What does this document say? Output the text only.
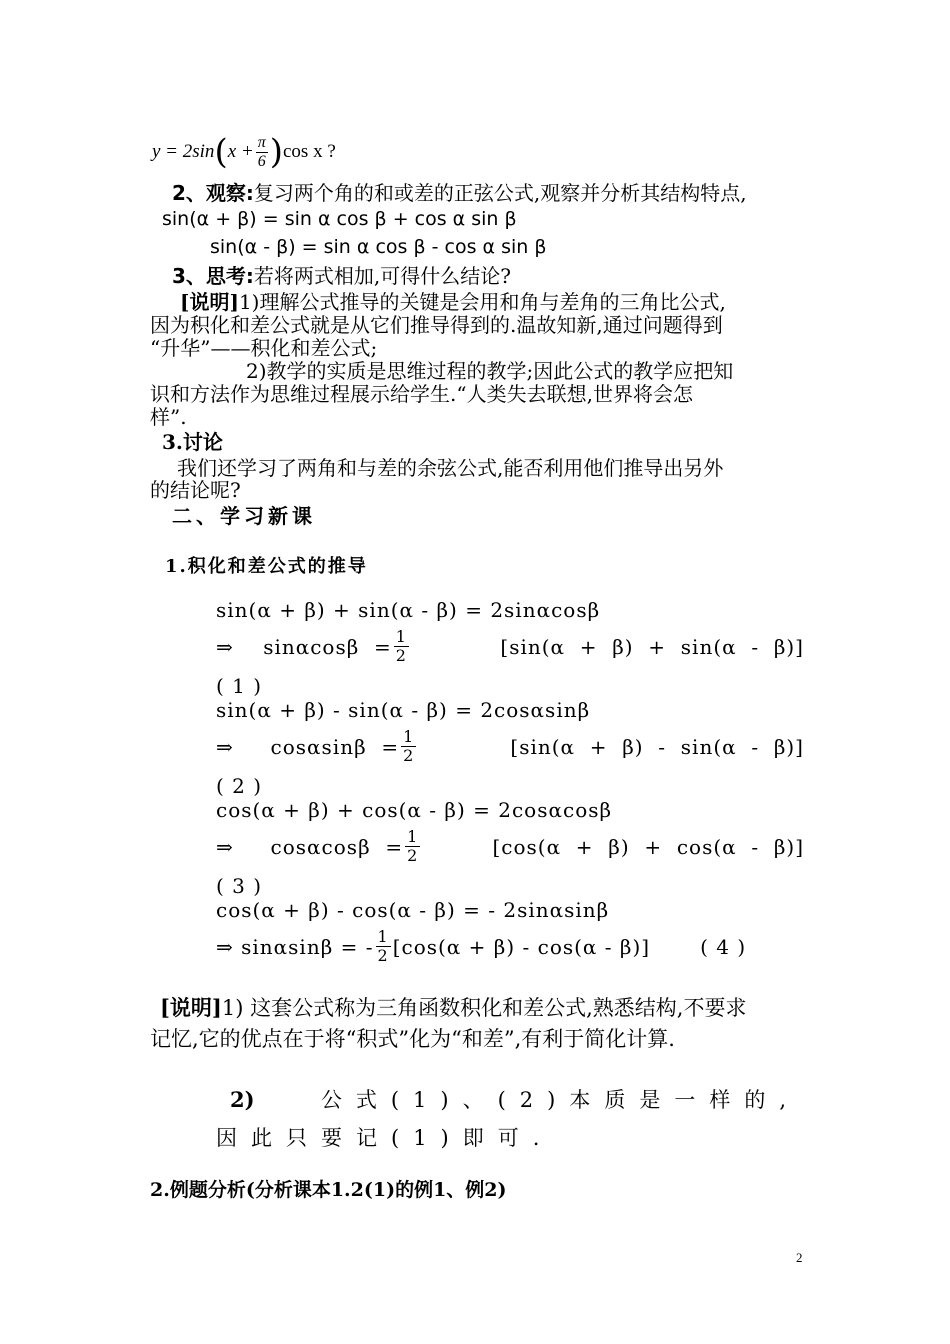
y = 2sin ( $x + \frac{\pi}{6}$ ) cos x ?
2、观察:复习两个角的和或差的正弦公式,观察并分析其结构特点,
sin(α + β) = sin α cos β + cos α sin β
sin(α - β) = sin α cos β - cos α sin β
3、思考:若将两式相加,可得什么结论?
[说明]1)理解公式推导的关键是会用和角与差角的三角比公式,
因为积化和差公式就是从它们推导得到的.温故知新,通过问题得到
“升华”——积化和差公式;
2)教学的实质是思维过程的教学;因此公式的教学应把知
识和方法作为思维过程展示给学生.“人类失去联想,世界将会怎
样”.
3.讨论
我们还学习了两角和与差的余弦公式,能否利用他们推导出另外
的结论呢?
二、学习新课
1.积化和差公式的推导
sin(α + β) + sin(α - β) = 2sinαcosβ
⇒    $\sin\alpha\cos\beta = \frac{1}{2}$	[sin(α  +  β)  +  sin(α  -  β)]
( 1 )
sin(α + β) - sin(α - β) = 2cosαsinβ
⇒     $\cos\alpha\sin\beta = \frac{1}{2}$	[sin(α  +  β)  -  sin(α  -  β)]
( 2 )
cos(α + β) + cos(α - β) = 2cosαcosβ
⇒     $\cos\alpha\cos\beta = \frac{1}{2}$	[cos(α  +  β)  +  cos(α  -  β)]
( 3 )
cos(α + β) - cos(α - β) = - 2sinαsinβ
⇒ sinαsinβ = - $\frac{1}{2} [\cos(\alpha + \beta) - \cos(\alpha - \beta)]$	( 4 )
[说明]1) 这套公式称为三角函数积化和差公式,熟悉结构,不要求
记忆,它的优点在于将“积式”化为“和差”,有利于简化计算.
2)	公式(1)、(2)本质是一样的,
因此只要记(1)即可.
2.例题分析(分析课本1.2(1)的例1、例2)
2
